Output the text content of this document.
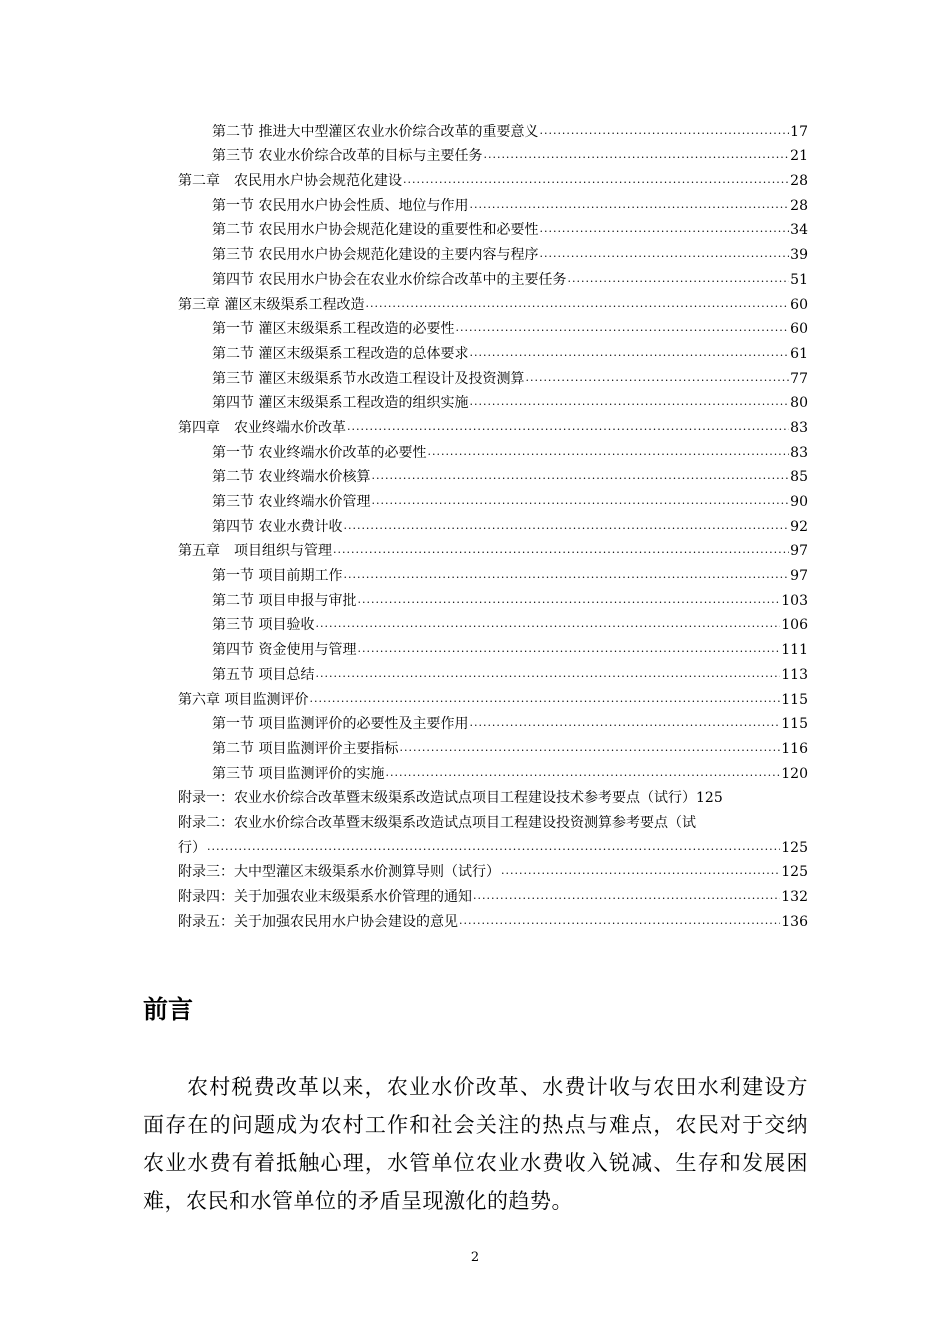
第二节 推进大中型灌区农业水价综合改革的重要意义 .....	17
第三节 农业水价综合改革的目标与主要任务 .....	21
第二章　农民用水户协会规范化建设 .....	28
第一节 农民用水户协会性质、地位与作用 .....	28
第二节 农民用水户协会规范化建设的重要性和必要性 .....	34
第三节 农民用水户协会规范化建设的主要内容与程序 .....	39
第四节 农民用水户协会在农业水价综合改革中的主要任务 .....	51
第三章 灌区末级渠系工程改造 .....	60
第一节 灌区末级渠系工程改造的必要性 .....	60
第二节 灌区末级渠系工程改造的总体要求 .....	61
第三节 灌区末级渠系节水改造工程设计及投资测算 .....	77
第四节 灌区末级渠系工程改造的组织实施 .....	80
第四章　农业终端水价改革 .....	83
第一节 农业终端水价改革的必要性 .....	83
第二节 农业终端水价核算 .....	85
第三节 农业终端水价管理 .....	90
第四节 农业水费计收 .....	92
第五章　项目组织与管理 .....	97
第一节 项目前期工作 .....	97
第二节 项目申报与审批 .....	103
第三节 项目验收 .....	106
第四节 资金使用与管理 .....	111
第五节 项目总结 .....	113
第六章 项目监测评价 .....	115
第一节 项目监测评价的必要性及主要作用 .....	115
第二节 项目监测评价主要指标 .....	116
第三节 项目监测评价的实施 .....	120
附录一：农业水价综合改革暨末级渠系改造试点项目工程建设技术参考要点（试行） 125
附录二：农业水价综合改革暨末级渠系改造试点项目工程建设投资测算参考要点（试
行） .....	125
附录三：大中型灌区末级渠系水价测算导则（试行） .....	125
附录四：关于加强农业末级渠系水价管理的通知 .....	132
附录五：关于加强农民用水户协会建设的意见 .....	136
前言
农村税费改革以来，农业水价改革、水费计收与农田水利建设方面存在的问题成为农村工作和社会关注的热点与难点，农民对于交纳农业水费有着抵触心理，水管单位农业水费收入锐减、生存和发展困难，农民和水管单位的矛盾呈现激化的趋势。
2
